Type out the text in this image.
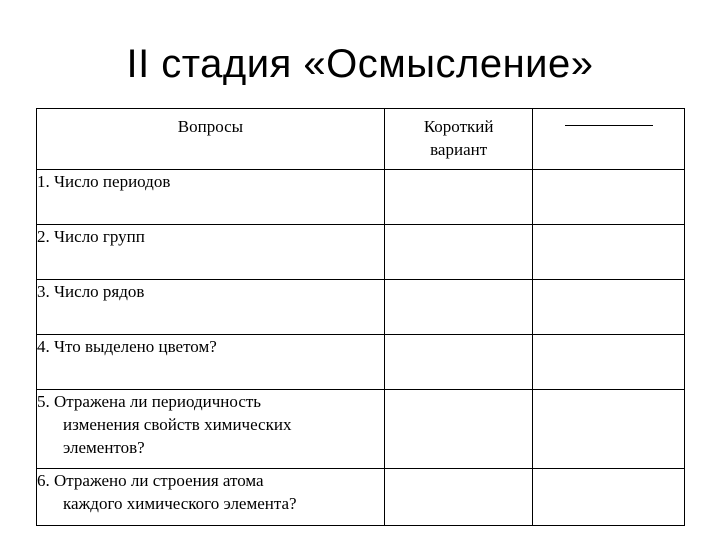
II стадия «Осмысление»
Вопросы	Короткий
вариант	
1. Число периодов		
2. Число групп		
3. Число рядов		
4. Что выделено цветом?		
5. Отражена ли периодичность
изменения свойств химических
элементов?		

6. Отражено ли строения атома
каждого химического элемента?		
